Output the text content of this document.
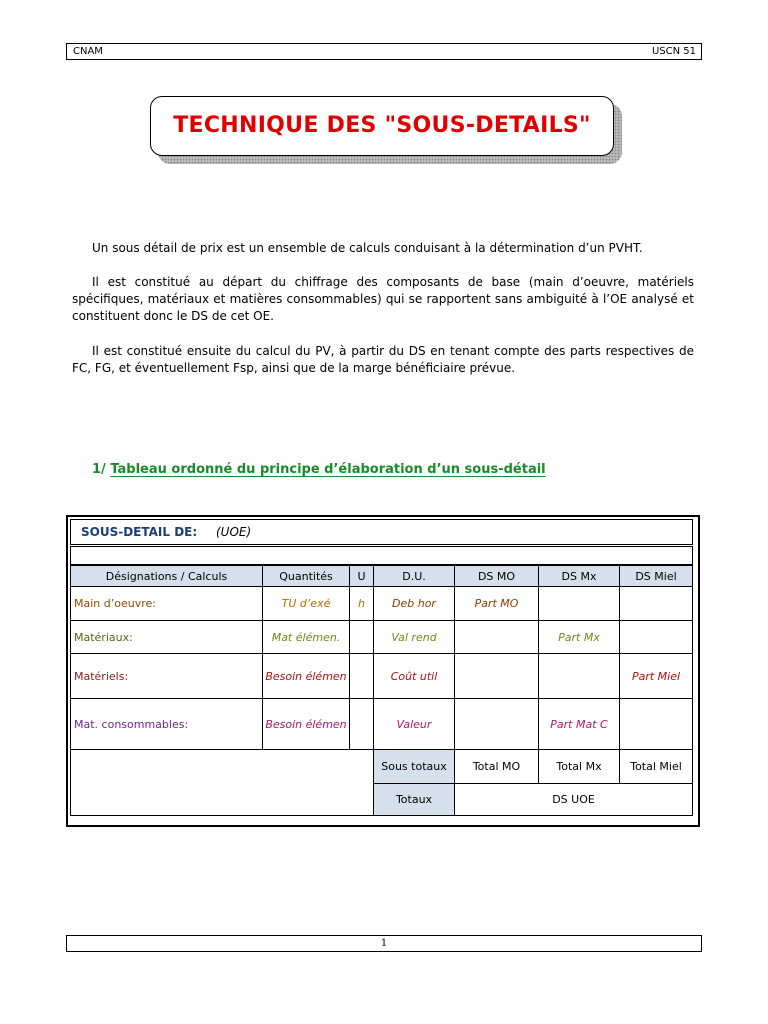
CNAM	USCN 51
TECHNIQUE DES "SOUS-DETAILS"

Un sous détail de prix est un ensemble de calculs conduisant à la détermination d’un PVHT.

Il est constitué au départ du chiffrage des composants de base (main d’oeuvre, matériels spécifiques, matériaux et matières consommables) qui se rapportent sans ambiguité à l’OE analysé et constituent donc le DS de cet OE.

Il est constitué ensuite du calcul du PV, à partir du DS en tenant compte des parts respectives de FC, FG, et éventuellement Fsp, ainsi que de la marge bénéficiaire prévue.

1/ Tableau ordonné du principe d’élaboration d’un sous-détail
SOUS-DETAIL DE: (UOE)
Désignations / Calculs	Quantités	U	D.U.	DS MO	DS Mx	DS Miel
Main d’oeuvre:	TU d’exé	h	Deb hor	Part MO		
Matériaux:	Mat élémen.		Val rend		Part Mx	
Matériels:	Besoin élémen		Coût util			Part Miel
Mat. consommables:	Besoin élémen		Valeur		Part Mat C	
			Sous totaux	Total MO	Total Mx	Total Miel
			Totaux	DS UOE		
1
